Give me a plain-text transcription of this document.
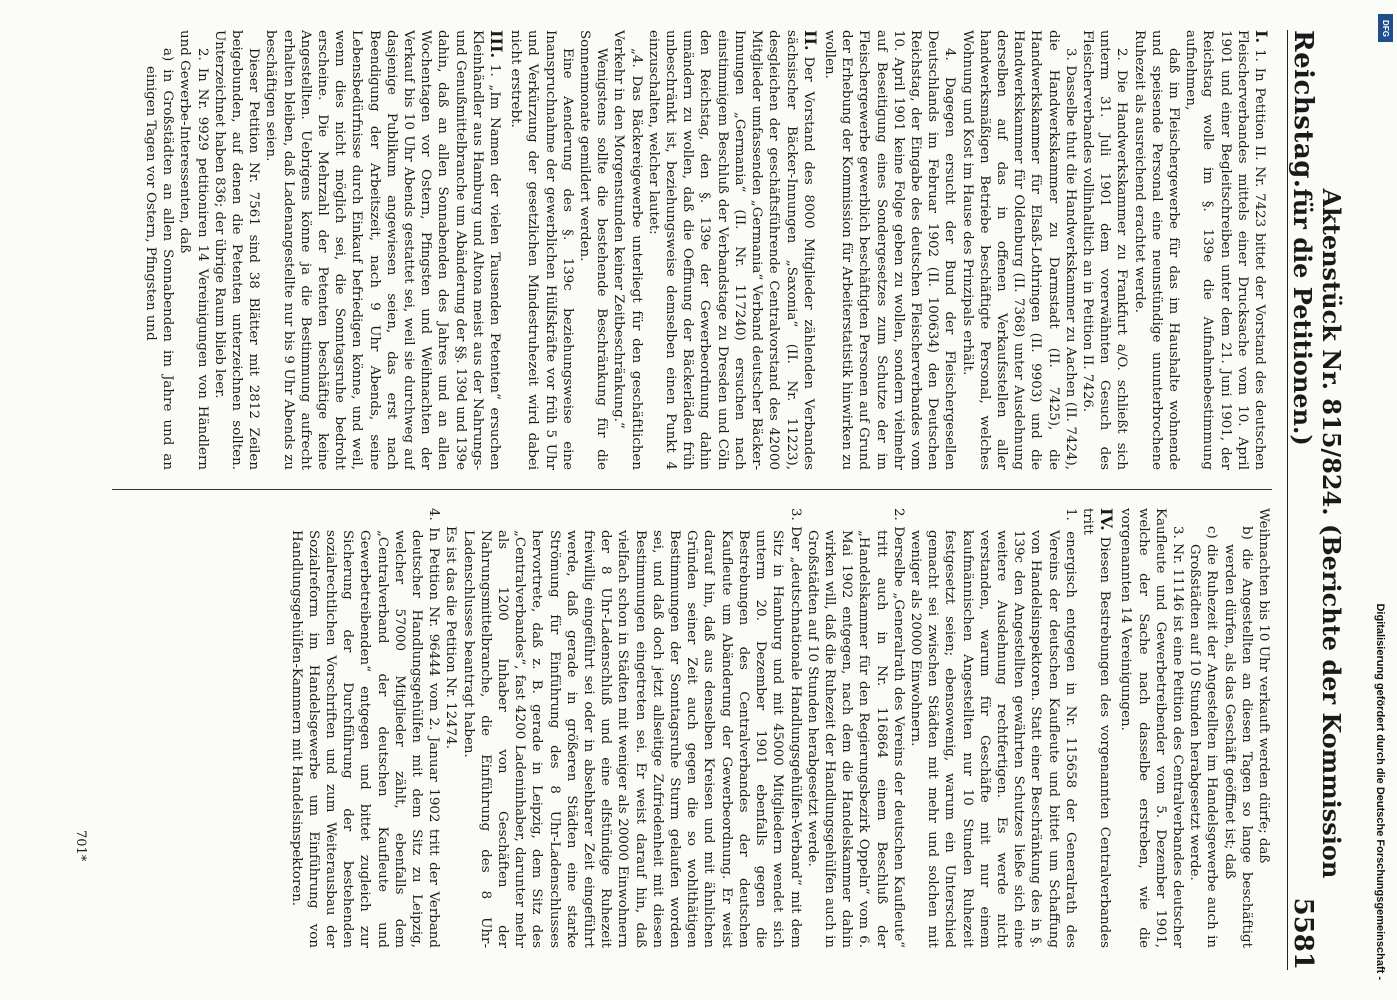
Reichstag.
Aktenstück Nr. 815/824. (Berichte der Kommission für die Petitionen.)
5581

I.1. In Petition II. Nr. 7423 bittet der Vorstand des deutschen Fleischerverbandes mittels einer Drucksache vom 10. April 1901 und einer Begleitschreiben unter dem 21. Juni 1901, der Reichstag wolle im §. 139e die Aufnahmebestimmung aufnehmen,

daß im Fleischergewerbe für das im Haushalte wohnende und speisende Personal eine neunstündige ununterbrochene Ruhezeit als ausreichend erachtet werde.

2. Die Handwerkskammer zu Frankfurt a/O. schließt sich unterm 31. Juli 1901 dem vorerwähnten Gesuch des Fleischerverbandes vollinhaltlich an in Petition II. 7426.

3. Dasselbe thut die Handwerkskammer zu Aachen (II. 7424), die Handwerkskammer zu Darmstadt (II. 7425), die Handwerkskammer für Elsaß-Lothringen (II. 9903) und die Handwerkskammer für Oldenburg (II. 7368) unter Ausdehnung derselben auf das in offenen Verkaufsstellen aller handwerksmäßigen Betriebe beschäftigte Personal, welches Wohnung und Kost im Hause des Prinzipals erhält.

4. Dagegen ersucht der Bund der Fleischergesellen Deutschlands im Februar 1902 (II. 100634) den Deutschen Reichstag, der Eingabe des deutschen Fleischerverbandes vom 10. April 1901 keine Folge geben zu wollen, sondern vielmehr auf Beseitigung eines Sondergesetzes zum Schutze der im Fleischergewerbe gewerblich beschäftigten Personen auf Grund der Erhebung der Kommission für Arbeiterstatistik hinwirken zu wollen.

II.Der Vorstand des 8000 Mitglieder zählenden Verbandes sächsischer Bäcker-Innungen „Saxonia“ (II. Nr. 11223), desgleichen der geschäftsführende Centralvorstand des 42000 Mitglieder umfassenden „Germania“ Verband deutscher Bäcker-Innungen „Germania“ (II. Nr. 117240) ersuchen nach einstimmigem Beschluß der Verbandstage zu Dresden und Cöln den Reichstag, den §. 139e der Gewerbeordnung dahin umändern zu wollen, daß die Oeffnung der Bäckerläden früh unbeschränkt ist, beziehungsweise demselben einen Punkt 4 einzuschalten, welcher lautet:

„4. Das Bäckereigewerbe unterliegt für den geschäftlichen Verkehr in den Morgenstunden keiner Zeitbeschränkung.“

Wenigstens sollte die bestehende Beschränkung für die Sonnenmonate gemildert werden.

Eine Aenderung des §. 139c beziehungsweise eine Inanspruchnahme der gewerblichen Hülfskräfte vor früh 5 Uhr und Verkürzung der gesetzlichen Mindestruhezeit wird dabei nicht erstrebt.

III.1. „Im Namen der vielen Tausenden Petenten“ ersuchen Kleinhändler aus Hamburg und Altona meist aus der Nahrungs- und Genußmittelbranche um Abänderung der §§. 139d und 139e dahin, daß an allen Sonnabenden des Jahres und an allen Wochentagen vor Ostern, Pfingsten und Weihnachten der Verkauf bis 10 Uhr Abends gestattet sei, weil sie durchweg auf dasjenige Publikum angewiesen seien, das erst nach Beendigung der Arbeitszeit, nach 9 Uhr Abends, seine Lebensbedürfnisse durch Einkauf befriedigen könne, und weil, wenn dies nicht möglich sei, die Sonntagsruhe bedroht erscheine. Die Mehrzahl der Petenten beschäftige keine Angestellten. Uebrigens könne ja die Bestimmung aufrecht erhalten bleiben, daß Ladenangestellte nur bis 9 Uhr Abends zu beschäftigen seien.

Dieser Petition Nr. 7561 sind 38 Blätter mit 2812 Zeilen beigebunden, auf denen die Petenten unterzeichnen sollten. Unterzeichnet haben 836; der übrige Raum blieb leer.

2. In Nr. 9929 petitioniren 14 Vereinigungen von Händlern und Gewerbe-Interessenten, daß

a) in Großstädten an allen Sonnabenden im Jahre und an einigen Tagen vor Ostern, Pfingsten und

Weihnachten bis 10 Uhr verkauft werden dürfe; daß

b) die Angestellten an diesen Tagen so lange beschäftigt werden dürfen, als das Geschäft geöffnet ist; daß

c) die Ruhezeit der Angestellten im Handelsgewerbe auch in Großstädten auf 10 Stunden herabgesetzt werde.

3. Nr. 11146 ist eine Petition des Centralverbandes deutscher Kaufleute und Gewerbetreibender vom 5. Dezember 1901, welche der Sache nach dasselbe erstreben, wie die vorgenannten 14 Vereinigungen.

IV.Diesen Bestrebungen des vorgenannten Centralverbandes tritt

1. energisch entgegen in Nr. 115658 der Generalrath des Vereins der deutschen Kaufleute und bittet um Schaffung von Handelsinspektoren. Statt einer Beschränkung des in §. 139c den Angestellten gewährten Schutzes ließe sich eine weitere Ausdehnung rechtfertigen. Es werde nicht verstanden, warum für Geschäfte mit nur einem kaufmännischen Angestellten nur 10 Stunden Ruhezeit festgesetzt seien; ebensowenig, warum ein Unterschied gemacht sei zwischen Städten mit mehr und solchen mit weniger als 20000 Einwohnern.

2. Derselbe „Generalrath des Vereins der deutschen Kaufleute“ tritt auch in Nr. 116864 einem Beschluß der „Handelskammer für den Regierungsbezirk Oppeln“ vom 6. Mai 1902 entgegen, nach dem die Handelskammer dahin wirken will, daß die Ruhezeit der Handlungsgehülfen auch in Großstädten auf 10 Stunden herabgesetzt werde.

3. Der „deutschnationale Handlungsgehülfen-Verband“ mit dem Sitz in Hamburg und mit 45000 Mitgliedern wendet sich unterm 20. Dezember 1901 ebenfalls gegen die Bestrebungen des Centralverbandes der deutschen Kaufleute um Abänderung der Gewerbeordnung. Er weist darauf hin, daß aus denselben Kreisen und mit ähnlichen Gründen seiner Zeit auch gegen die so wohlthätigen Bestimmungen der Sonntagsruhe Sturm gelaufen worden sei, und daß doch jetzt allseitige Zufriedenheit mit diesen Bestimmungen eingetreten sei. Er weist darauf hin, daß vielfach schon in Städten mit weniger als 20000 Einwohnern der 8 Uhr-Ladenschluß und eine elfstündige Ruhezeit freiwillig eingeführt sei oder in absehbarer Zeit eingeführt werde, daß gerade in größeren Städten eine starke Strömung für Einführung des 8 Uhr-Ladenschlusses hervortrete, daß z. B. gerade in Leipzig, dem Sitz des „Centralverbandes“, fast 4200 Ladeninhaber, darunter mehr als 1200 Inhaber von Geschäften der Nahrungsmittelbranche, die Einführung des 8 Uhr-Ladenschlusses beantragt haben.

Es ist das die Petition Nr. 12474.

4. In Petition Nr. 96444 vom 2. Januar 1902 tritt der Verband deutscher Handlungsgehülfen mit dem Sitz zu Leipzig, welcher 57000 Mitglieder zählt, ebenfalls dem „Centralverband der deutschen Kaufleute und Gewerbetreibenden“ entgegen und bittet zugleich zur Sicherung der Durchführung der bestehenden sozialrechtlichen Vorschriften und zum Weiterausbau der Sozialreform im Handelsgewerbe um Einführung von Handlungsgehülfen-Kammern mit Handelsinspektoren.

701*
DFG
Digitalisierung gefördert durch die Deutsche Forschungsgemeinschaft -
